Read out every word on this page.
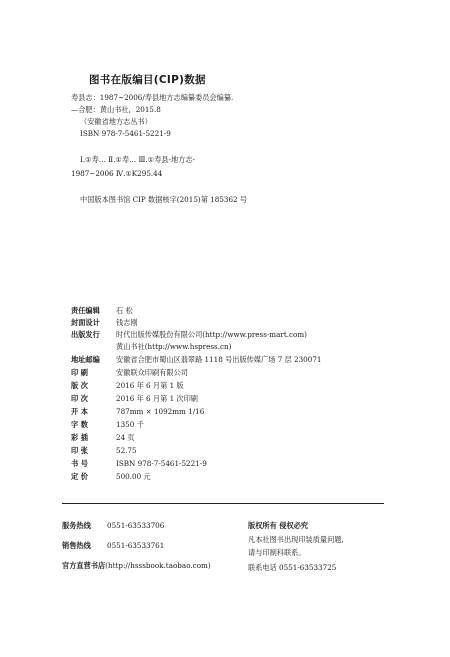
图书在版编目(CIP)数据
寿县志：1987~2006/寿县地方志编纂委员会编纂.
—合肥：黄山书社，2015.8
（安徽省地方志丛书）
ISBN 978-7-5461-5221-9
Ⅰ.①寿… Ⅱ.①寿… Ⅲ.①寿县-地方志-
1987~2006 Ⅳ.①K295.44
中国版本图书馆 CIP 数据核字(2015)第 185362 号
责任编辑 石 松
封面设计 钱志刚
出版发行 时代出版传媒股份有限公司(http://www.press-mart.com)
黄山书社(http://www.hspress.cn)
地址邮编 安徽省合肥市蜀山区翡翠路 1118 号出版传媒广场 7 层 230071
印 刷	安徽联众印刷有限公司
版 次	2016 年 6 月第 1 版
印 次	2016 年 6 月第 1 次印刷
开 本	787mm × 1092mm 1/16
字 数	1350 千
彩 插	24 页
印 张	52.75
书 号	ISBN 978-7-5461-5221-9
定 价	500.00 元
服务热线 0551-63533706
销售热线 0551-63533761
官方直营书店(http://hsssbook.taobao.com)
版权所有 侵权必究
凡本社图书出现印装质量问题,
请与印制科联系。
联系电话 0551-63533725
